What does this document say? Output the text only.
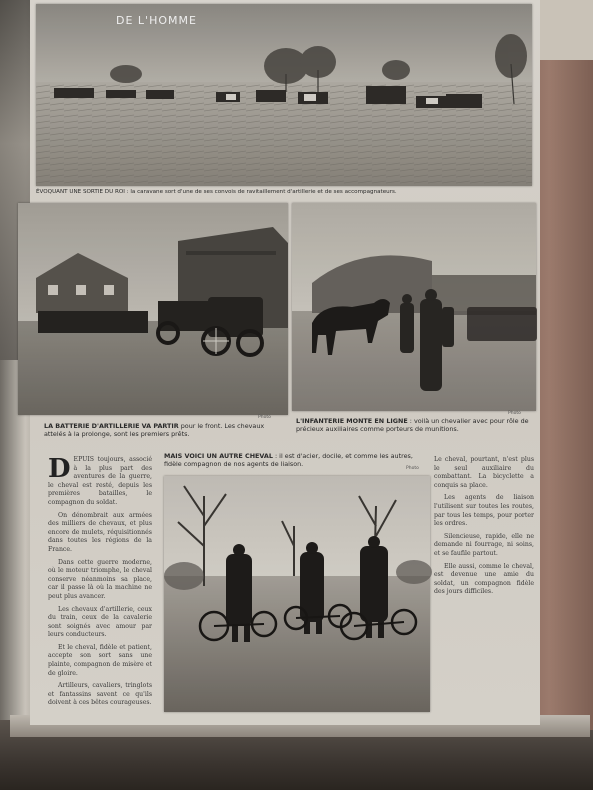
DE L'HOMME
ÉVOQUANT UNE SORTIE DU ROI : la caravane sort d'une de ses convois de ravitaillement d'artillerie et de ses accompagnateurs.
Photo
LA BATTERIE D'ARTILLERIE VA PARTIR pour le front. Les chevaux attelés à la prolonge, sont les premiers prêts.
Photo
L'INFANTERIE MONTE EN LIGNE : voilà un chevalier avec pour rôle de précieux auxiliaires comme porteurs de munitions.
D EPUIS toujours, associé à la plus part des aventures de la guerre, le cheval est resté, depuis les premières batailles, le compagnon du soldat.

On dénombrait aux armées des milliers de chevaux, et plus encore de mulets, réquisitionnés dans toutes les régions de la France.

Dans cette guerre moderne, où le moteur triomphe, le cheval conserve néanmoins sa place, car il passe là où la machine ne peut plus avancer.

Les chevaux d'artillerie, ceux du train, ceux de la cavalerie sont soignés avec amour par leurs conducteurs.

Et le cheval, fidèle et patient, accepte son sort sans une plainte, compagnon de misère et de gloire.

Artilleurs, cavaliers, tringlots et fantassins savent ce qu'ils doivent à ces bêtes courageuses.

MAIS VOICI UN AUTRE CHEVAL : il est d'acier, docile, et comme les autres, fidèle compagnon de nos agents de liaison.

Le cheval, pourtant, n'est plus le seul auxiliaire du combattant. La bicyclette a conquis sa place.

Les agents de liaison l'utilisent sur toutes les routes, par tous les temps, pour porter les ordres.

Silencieuse, rapide, elle ne demande ni fourrage, ni soins, et se faufile partout.

Elle aussi, comme le cheval, est devenue une amie du soldat, un compagnon fidèle des jours difficiles.

Photo
